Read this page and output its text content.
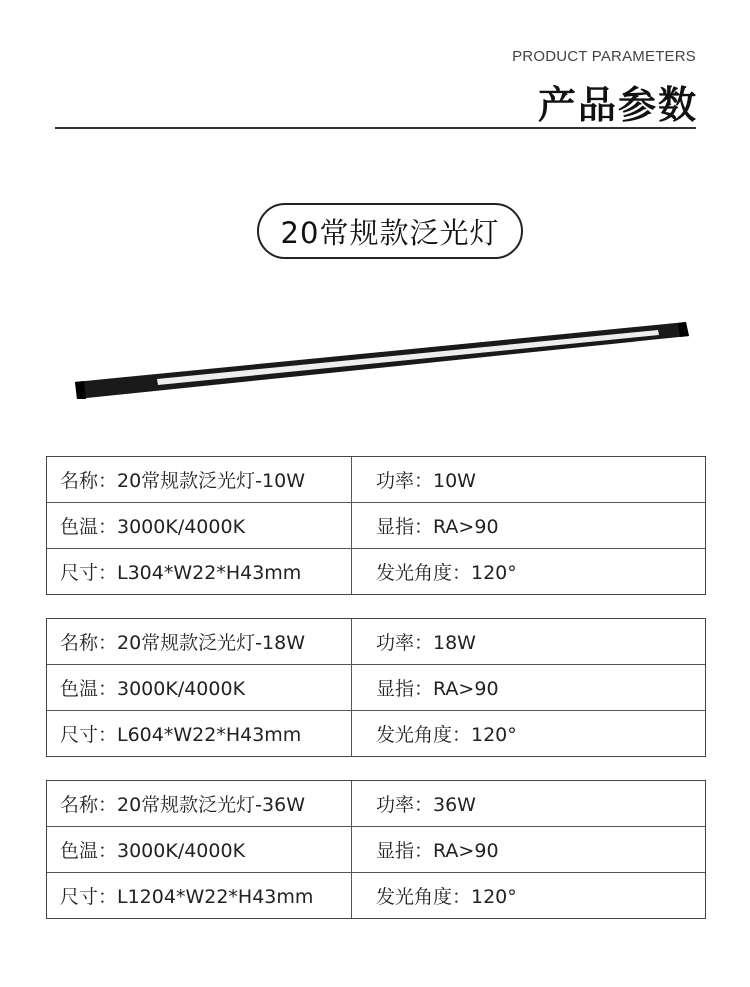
PRODUCT PARAMETERS
产品参数
20常规款泛光灯
名称：20常规款泛光灯-10W	功率：10W
色温：3000K/4000K	显指：RA>90
尺寸：L304*W22*H43mm	发光角度：120°
名称：20常规款泛光灯-18W	功率：18W
色温：3000K/4000K	显指：RA>90
尺寸：L604*W22*H43mm	发光角度：120°
名称：20常规款泛光灯-36W	功率：36W
色温：3000K/4000K	显指：RA>90
尺寸：L1204*W22*H43mm	发光角度：120°
